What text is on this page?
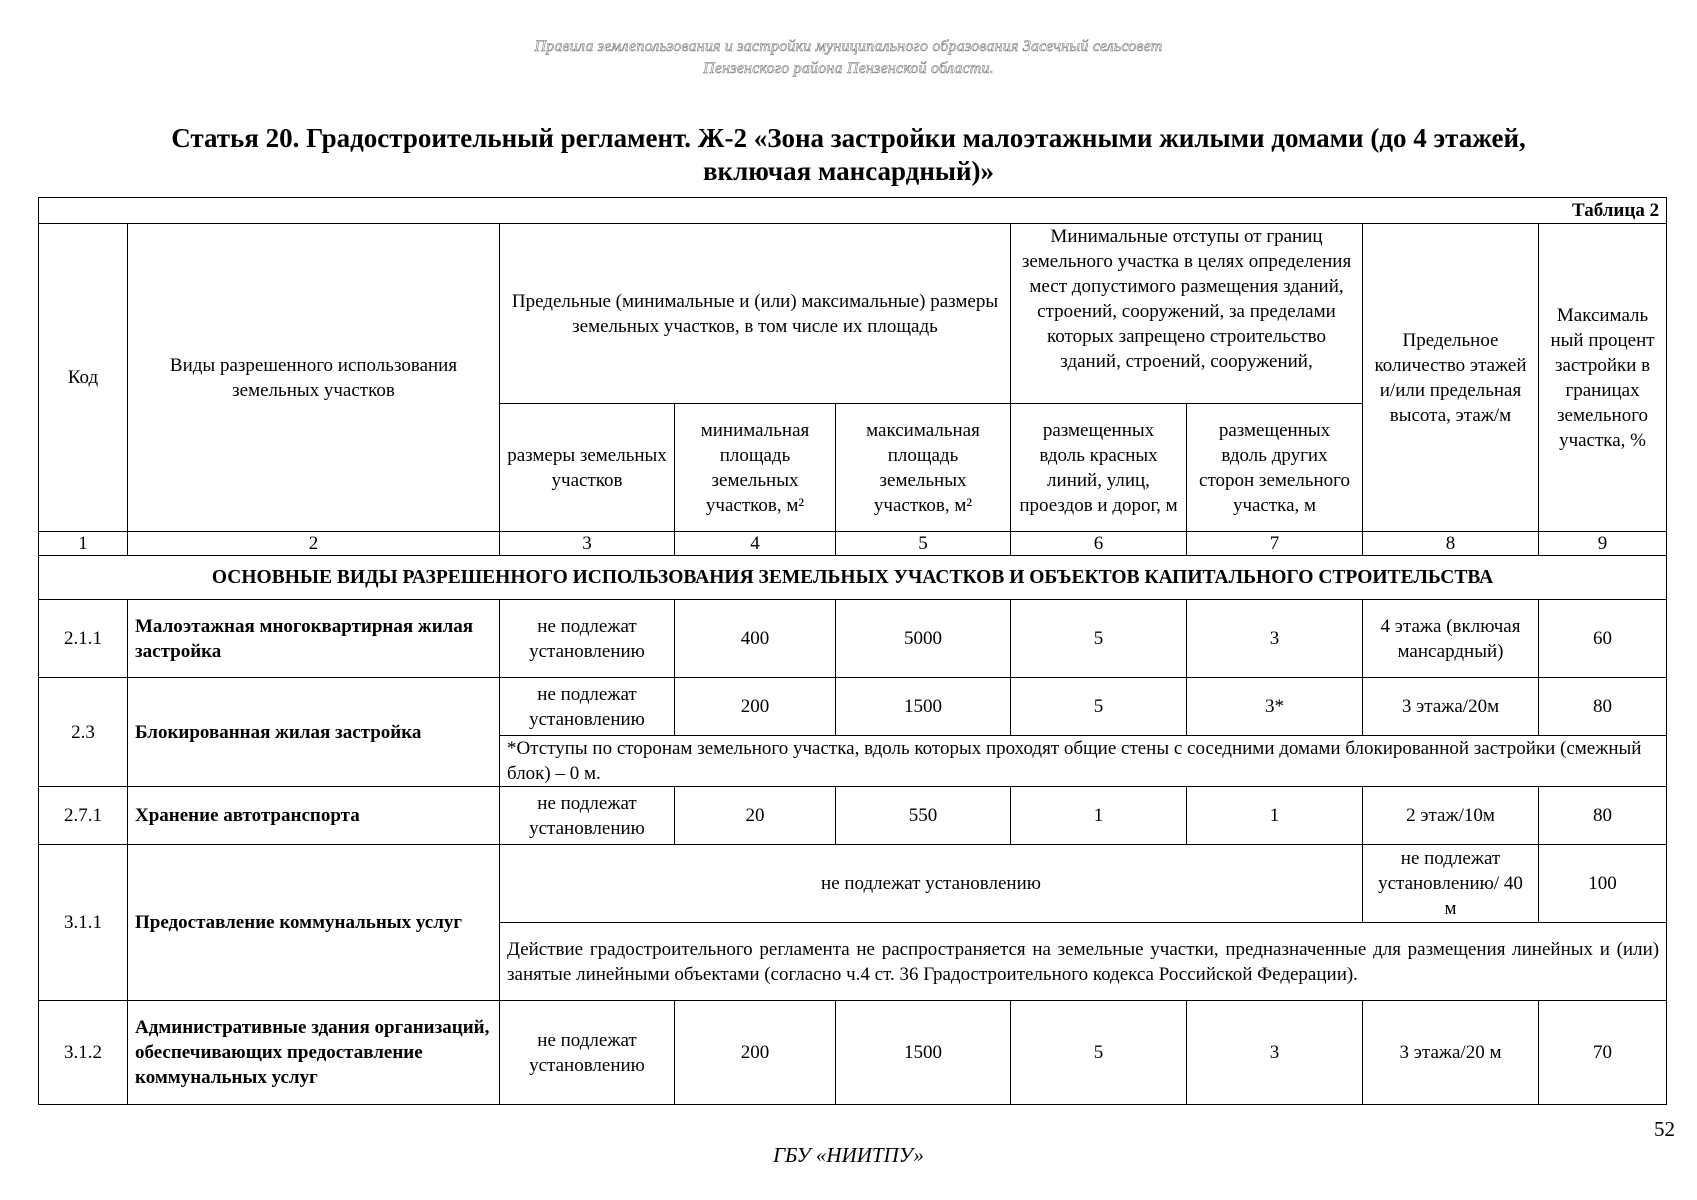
Правила землепользования и застройки муниципального образования Засечный сельсовет
Пензенского района Пензенской области.
Статья 20. Градостроительный регламент. Ж-2 «Зона застройки малоэтажными жилыми домами (до 4 этажей,
включая мансардный)»
Таблица 2								
Код	Виды разрешенного использования земельных участков	Предельные (минимальные и (или) максимальные) размеры земельных участков, в том числе их площадь			Минимальные отступы от границ земельного участка в целях определения мест допустимого размещения зданий, строений, сооружений, за пределами которых запрещено строительство зданий, строений, сооружений,		Предельное количество этажей и/или предельная высота, этаж/м	Максималь ный процент застройки в границах земельного участка, %
		размеры земельных участков	минимальная площадь земельных участков, м²	максимальная площадь земельных участков, м²	размещенных вдоль красных линий, улиц, проездов и дорог, м	размещенных вдоль других сторон земельного участка, м		
1	2	3	4	5	6	7	8	9
ОСНОВНЫЕ ВИДЫ РАЗРЕШЕННОГО ИСПОЛЬЗОВАНИЯ ЗЕМЕЛЬНЫХ УЧАСТКОВ И ОБЪЕКТОВ КАПИТАЛЬНОГО СТРОИТЕЛЬСТВА								
2.1.1	Малоэтажная многоквартирная жилая застройка	не подлежат установлению	400	5000	5	3	4 этажа (включая мансардный)	60
2.3	Блокированная жилая застройка	не подлежат установлению	200	1500	5	3*	3 этажа/20м	80
		*Отступы по сторонам земельного участка, вдоль которых проходят общие стены с соседними домами блокированной застройки (смежный блок) – 0 м.						
2.7.1	Хранение автотранспорта	не подлежат установлению	20	550	1	1	2 этаж/10м	80
3.1.1	Предоставление коммунальных услуг	не подлежат установлению					не подлежат установлению/ 40 м	100
		Действие градостроительного регламента не распространяется на земельные участки, предназначенные для размещения линейных и (или) занятые линейными объектами (согласно ч.4 ст. 36 Градостроительного кодекса Российской Федерации).						
3.1.2	Административные здания организаций, обеспечивающих предоставление коммунальных услуг	не подлежат установлению	200	1500	5	3	3 этажа/20 м	70
52
ГБУ «НИИТПУ»
